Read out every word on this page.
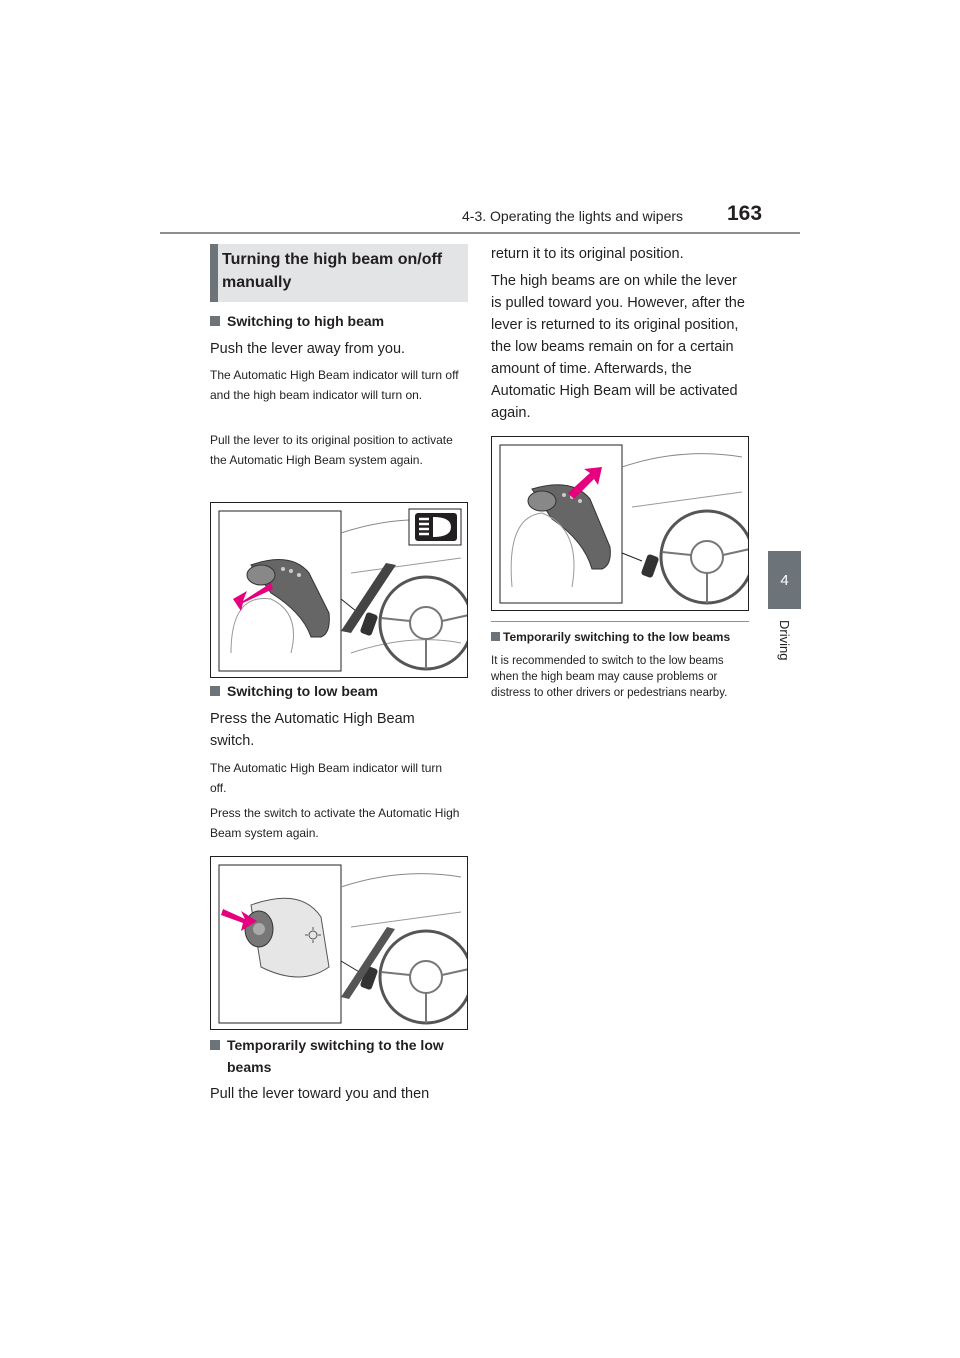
4-3. Operating the lights and wipers 163
4
Driving
Turning the high beam on/off manually
Switching to high beam
Push the lever away from you.
The Automatic High Beam indicator will turn off and the high beam indicator will turn on.
Pull the lever to its original position to activate the Automatic High Beam system again.
Switching to low beam
Press the Automatic High Beam switch.
The Automatic High Beam indicator will turn off.
Press the switch to activate the Automatic High Beam system again.
Temporarily switching to the low beams
Pull the lever toward you and then
return it to its original position.
The high beams are on while the lever is pulled toward you. However, after the lever is returned to its original position, the low beams remain on for a certain amount of time. Afterwards, the Automatic High Beam will be activated again.
Temporarily switching to the low beams
It is recommended to switch to the low beams when the high beam may cause problems or distress to other drivers or pedestrians nearby.
